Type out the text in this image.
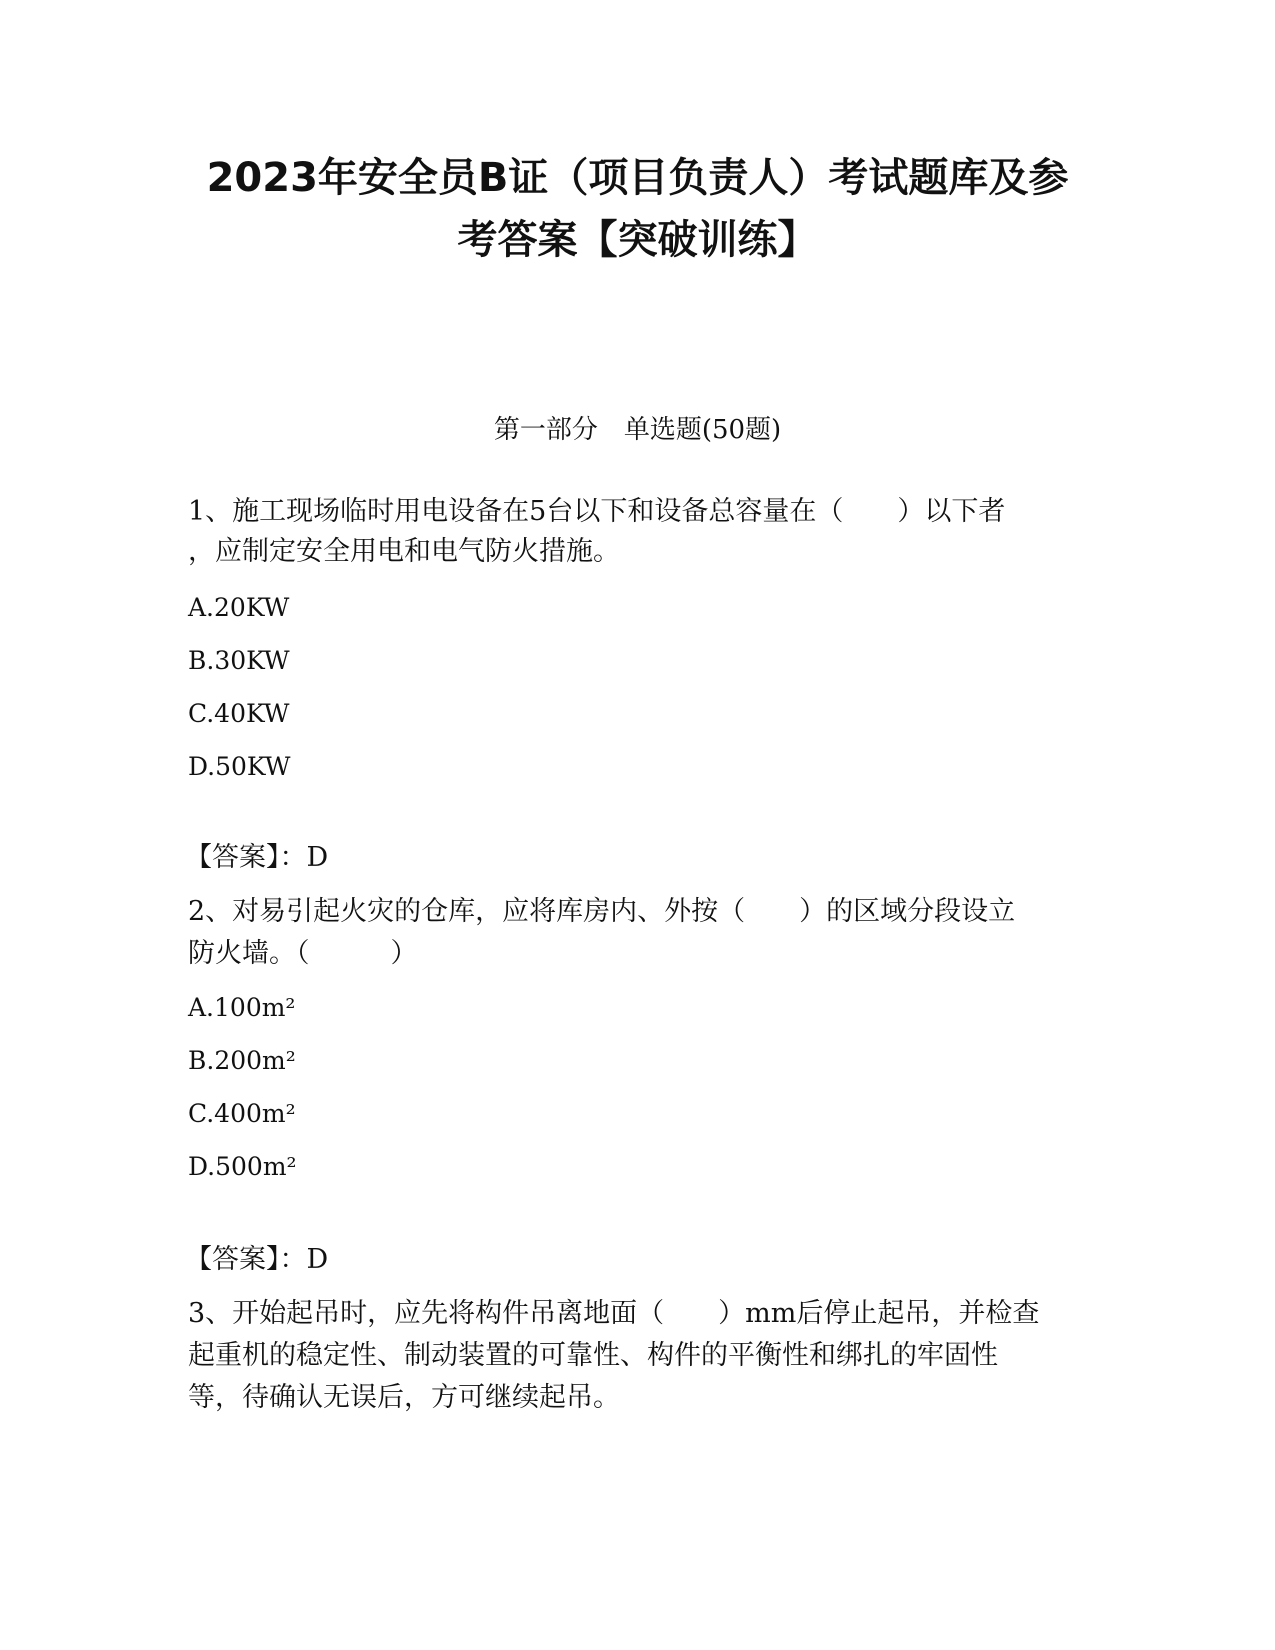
2023年安全员B证（项目负责人）考试题库及参
考答案【突破训练】
第一部分　单选题(50题)

1、施工现场临时用电设备在5台以下和设备总容量在（　　）以下者

，应制定安全用电和电气防火措施。

A.20KW

B.30KW

C.40KW

D.50KW

【答案】：D

2、对易引起火灾的仓库，应将库房内、外按（　　）的区域分段设立

防火墙。（　　　）

A.100m²

B.200m²

C.400m²

D.500m²

【答案】：D

3、开始起吊时，应先将构件吊离地面（　　）mm后停止起吊，并检查

起重机的稳定性、制动装置的可靠性、构件的平衡性和绑扎的牢固性

等，待确认无误后，方可继续起吊。
